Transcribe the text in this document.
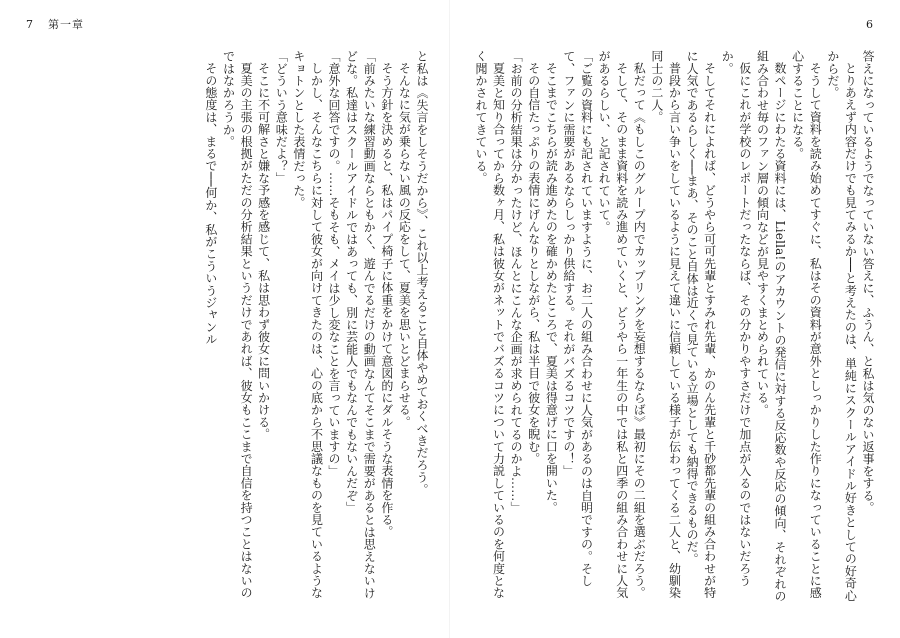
7 第一章

と私は《失言をしそうだから》、これ以上考えること自体やめておくべきだろう。

そんなに気が乗らない風の反応をして、夏美を思いとどまらせる。

そう方針を決めると、私はパイプ椅子に体重をかけて意図的にダルそうな表情を作る。

「前みたいな練習動画ならともかく、遊んでるだけの動画なんてそこまで需要があるとは思えないけどな。私達はスクールアイドルではあっても、別に芸能人でもなんでもないんだぞ」

「意外な回答ですの。……そもそも、メイは少し変なことを言っていますの」

しかし、そんなこちらに対して彼女が向けてきたのは、心の底から不思議なものを見ているようなキョトンとした表情だった。

「どういう意味だよ？」

そこに不可解さと嫌な予感を感じて、私は思わず彼女に問いかける。

夏美の主張の根拠がただの分析結果というだけであれば、彼女もここまで自信を持つことはないのではなかろうか。

その態度は、まるで──何か、私がこういうジャンル

6

答えになっているようでなっていない答えに、ふうん、と私は気のない返事をする。

とりあえず内容だけでも見てみるか──と考えたのは、単純にスクールアイドル好きとしての好奇心からだ。

そうして資料を読み始めてすぐに、私はその資料が意外としっかりした作りになっていることに感心することになる。

数ページにわたる資料には、Liella!のアカウントの発信に対する反応数や反応の傾向、それぞれの組み合わせ毎のファン層の傾向などが見やすくまとめられている。

仮にこれが学校のレポートだったならば、その分かりやすさだけで加点が入るのではないだろうか。

そしてそれによれば、どうやら可可先輩とすみれ先輩、かのん先輩と千砂都先輩の組み合わせが特に人気であるらしく──まあ、そのこと自体は近くで見ている立場としても納得できるものだ。

普段から言い争いをしているように見えて違いに信頼している様子が伝わってくる二人と、幼馴染同士の二人。

私だって《もしこのグループ内でカップリングを妄想するならば》最初にその二組を選ぶだろう。

そして、そのまま資料を読み進めていくと、どうやら一年生の中では私と四季の組み合わせに人気があるらしい、と記されていて。

「ご覧の資料にも記されていますように、お二人の組み合わせに人気があるのは自明ですの。そして、ファンに需要があるならしっかり供給する。それがバズるコツですの！」

そこまでこちらが読み進めたのを確かめたところで、夏美は得意げに口を開いた。

その自信たっぷりの表情にげんなりとしながら、私は半目で彼女を睨む。

「お前の分析結果は分かったけど、ほんとにこんな企画が求められてるのかよ……」

夏美と知り合ってから数ヶ月、私は彼女がネットでバズるコツについて力説しているのを何度となく聞かされてきている。
